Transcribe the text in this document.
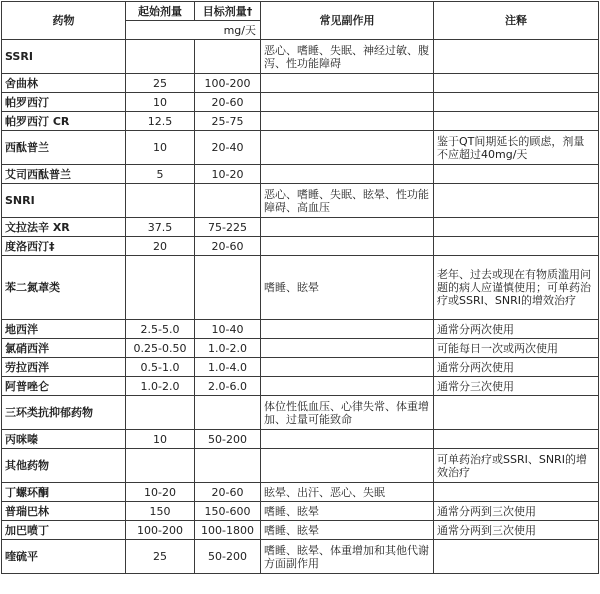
药物	起始剂量	目标剂量†	常见副作用	注释
	mg/天			
SSRI			恶心、嗜睡、失眠、神经过敏、腹泻、性功能障碍	
舍曲林	25	100-200		
帕罗西汀	10	20-60		
帕罗西汀 CR	12.5	25-75		
西酞普兰	10	20-40		鉴于QT间期延长的顾虑，剂量不应超过40mg/天
艾司西酞普兰	5	10-20		
SNRI			恶心、嗜睡、失眠、眩晕、性功能障碍、高血压	
文拉法辛 XR	37.5	75-225		
度洛西汀‡	20	20-60		
苯二氮䓬类			嗜睡、眩晕	老年、过去或现在有物质滥用问题的病人应谨慎使用；可单药治疗或SSRI、SNRI的增效治疗
地西泮	2.5-5.0	10-40		通常分两次使用
氯硝西泮	0.25-0.50	1.0-2.0		可能每日一次或两次使用
劳拉西泮	0.5-1.0	1.0-4.0		通常分两次使用
阿普唑仑	1.0-2.0	2.0-6.0		通常分三次使用
三环类抗抑郁药物			体位性低血压、心律失常、体重增加、过量可能致命	
丙咪嗪	10	50-200		
其他药物				可单药治疗或SSRI、SNRI的增效治疗
丁螺环酮	10-20	20-60	眩晕、出汗、恶心、失眠	
普瑞巴林	150	150-600	嗜睡、眩晕	通常分两到三次使用
加巴喷丁	100-200	100-1800	嗜睡、眩晕	通常分两到三次使用
喹硫平	25	50-200	嗜睡、眩晕、体重增加和其他代谢方面副作用	
